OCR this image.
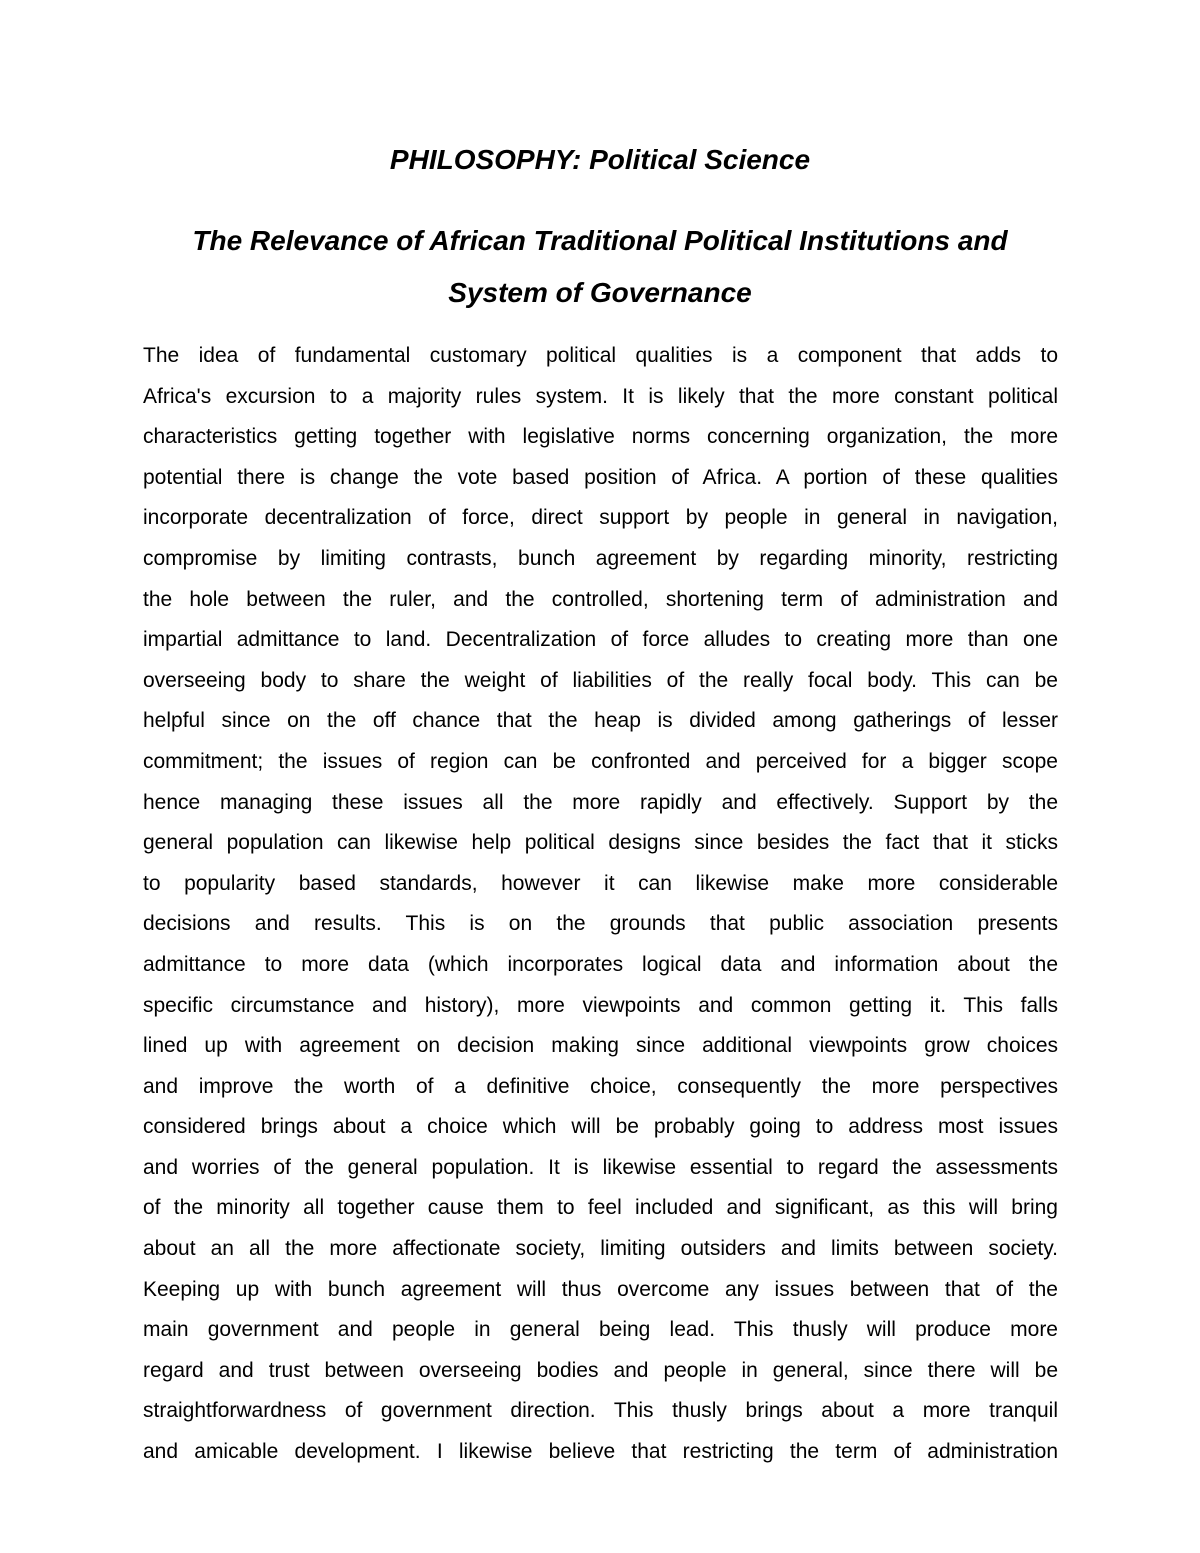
PHILOSOPHY: Political Science
The Relevance of African Traditional Political Institutions and
System of Governance
The idea of fundamental customary political qualities is a component that adds to
Africa's excursion to a majority rules system. It is likely that the more constant political
characteristics getting together with legislative norms concerning organization, the more
potential there is change the vote based position of Africa. A portion of these qualities
incorporate decentralization of force, direct support by people in general in navigation,
compromise by limiting contrasts, bunch agreement by regarding minority, restricting
the hole between the ruler, and the controlled, shortening term of administration and
impartial admittance to land. Decentralization of force alludes to creating more than one
overseeing body to share the weight of liabilities of the really focal body. This can be
helpful since on the off chance that the heap is divided among gatherings of lesser
commitment; the issues of region can be confronted and perceived for a bigger scope
hence managing these issues all the more rapidly and effectively. Support by the
general population can likewise help political designs since besides the fact that it sticks
to popularity based standards, however it can likewise make more considerable
decisions and results. This is on the grounds that public association presents
admittance to more data (which incorporates logical data and information about the
specific circumstance and history), more viewpoints and common getting it. This falls
lined up with agreement on decision making since additional viewpoints grow choices
and improve the worth of a definitive choice, consequently the more perspectives
considered brings about a choice which will be probably going to address most issues
and worries of the general population. It is likewise essential to regard the assessments
of the minority all together cause them to feel included and significant, as this will bring
about an all the more affectionate society, limiting outsiders and limits between society.
Keeping up with bunch agreement will thus overcome any issues between that of the
main government and people in general being lead. This thusly will produce more
regard and trust between overseeing bodies and people in general, since there will be
straightforwardness of government direction. This thusly brings about a more tranquil
and amicable development. I likewise believe that restricting the term of administration
